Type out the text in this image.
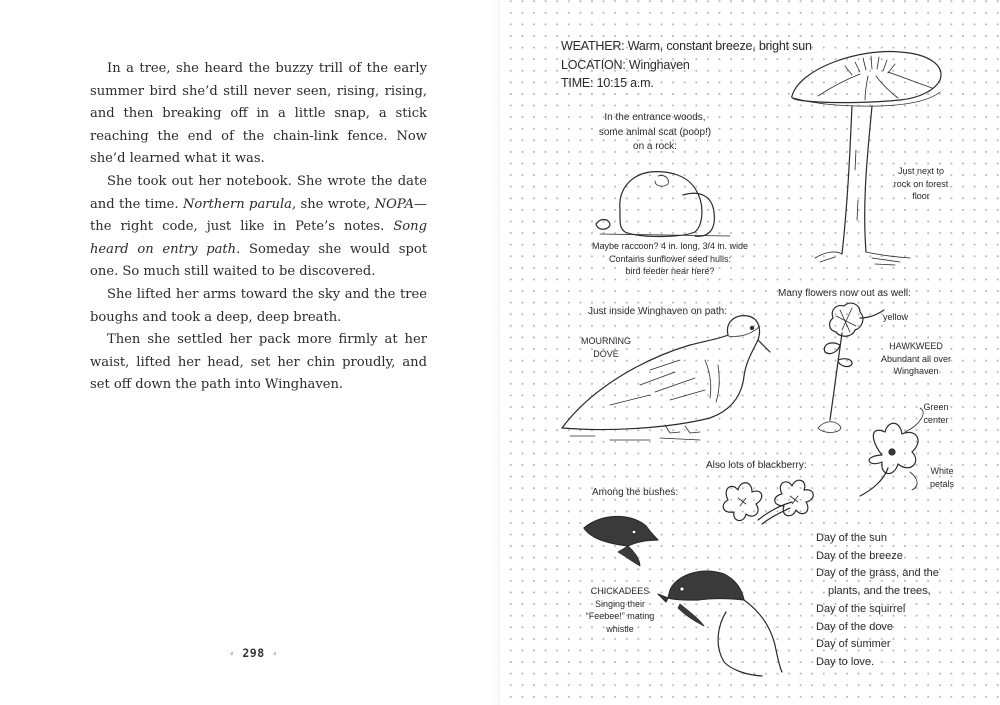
In a tree, she heard the buzzy trill of the early summer bird she’d still never seen, rising, rising, and then breaking off in a little snap, a stick reaching the end of the chain-link fence. Now she’d learned what it was.

She took out her notebook. She wrote the date and the time. Northern parula, she wrote, NOPA—the right code, just like in Pete’s notes. Song heard on entry path. Someday she would spot one. So much still waited to be discovered.

She lifted her arms toward the sky and the tree boughs and took a deep, deep breath.

Then she settled her pack more firmly at her waist, lifted her head, set her chin proudly, and set off down the path into Winghaven.

⸗ 298 ⸗
WEATHER: Warm, constant breeze, bright sun
LOCATION: Winghaven
TIME: 10:15 a.m.
In the entrance woods,
some animal scat (poop!)
on a rock:
Maybe raccoon? 4 in. long, 3/4 in. wide
Contains sunflower seed hulls:
bird feeder near here?
Just next to
rock on forest
floor
Just inside Winghaven on path:
MOURNING
DOVE
Many flowers now out as well:
yellow
HAWKWEED
Abundant all over
Winghaven
Green
center
White
petals
Also lots of blackberry:
Among the bushes:
CHICKADEES
Singing their
“Feebee!” mating
whistle
Day of the sun
Day of the breeze
Day of the grass, and the
plants, and the trees,
Day of the squirrel
Day of the dove
Day of summer
Day to love.
